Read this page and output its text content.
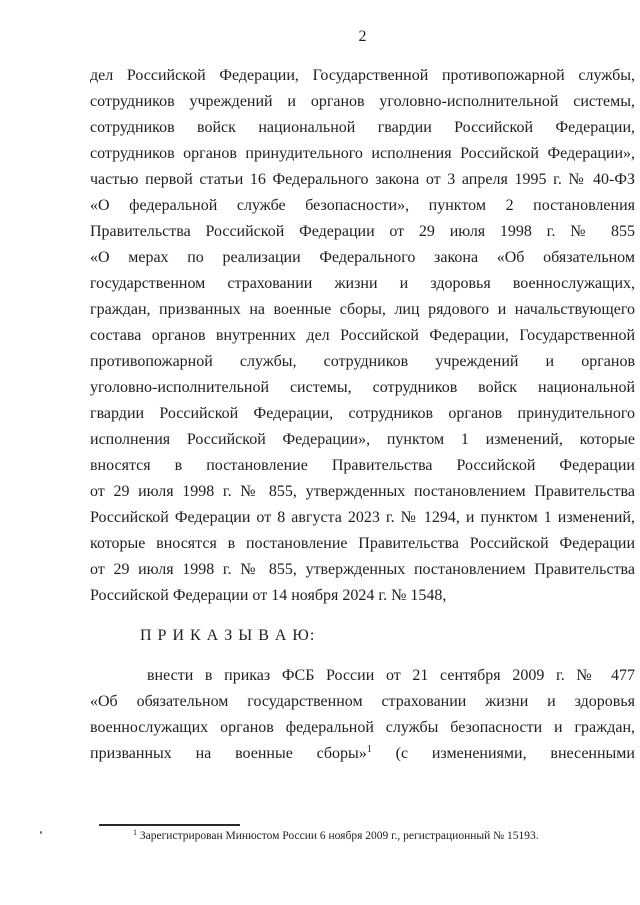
2
дел Российской Федерации, Государственной противопожарной службы,
сотрудников учреждений и органов уголовно-исполнительной системы,
сотрудников войск национальной гвардии Российской Федерации,
сотрудников органов принудительного исполнения Российской Федерации»,
частью первой статьи 16 Федерального закона от 3 апреля 1995 г. № 40-ФЗ
«О федеральной службе безопасности», пунктом 2 постановления
Правительства Российской Федерации от 29 июля 1998 г. № 855
«О мерах по реализации Федерального закона «Об обязательном
государственном страховании жизни и здоровья военнослужащих,
граждан, призванных на военные сборы, лиц рядового и начальствующего
состава органов внутренних дел Российской Федерации, Государственной
противопожарной службы, сотрудников учреждений и органов
уголовно-исполнительной системы, сотрудников войск национальной
гвардии Российской Федерации, сотрудников органов принудительного
исполнения Российской Федерации», пунктом 1 изменений, которые
вносятся в постановление Правительства Российской Федерации
от 29 июля 1998 г. № 855, утвержденных постановлением Правительства
Российской Федерации от 8 августа 2023 г. № 1294, и пунктом 1 изменений,
которые вносятся в постановление Правительства Российской Федерации
от 29 июля 1998 г. № 855, утвержденных постановлением Правительства
Российской Федерации от 14 ноября 2024 г. № 1548,
П Р И К А З Ы В А Ю:
внести в приказ ФСБ России от 21 сентября 2009 г. № 477
«Об обязательном государственном страховании жизни и здоровья
военнослужащих органов федеральной службы безопасности и граждан,
призванных на военные сборы»$^1$ (с изменениями, внесенными
$^1$ Зарегистрирован Минюстом России 6 ноября 2009 г., регистрационный № 15193.
